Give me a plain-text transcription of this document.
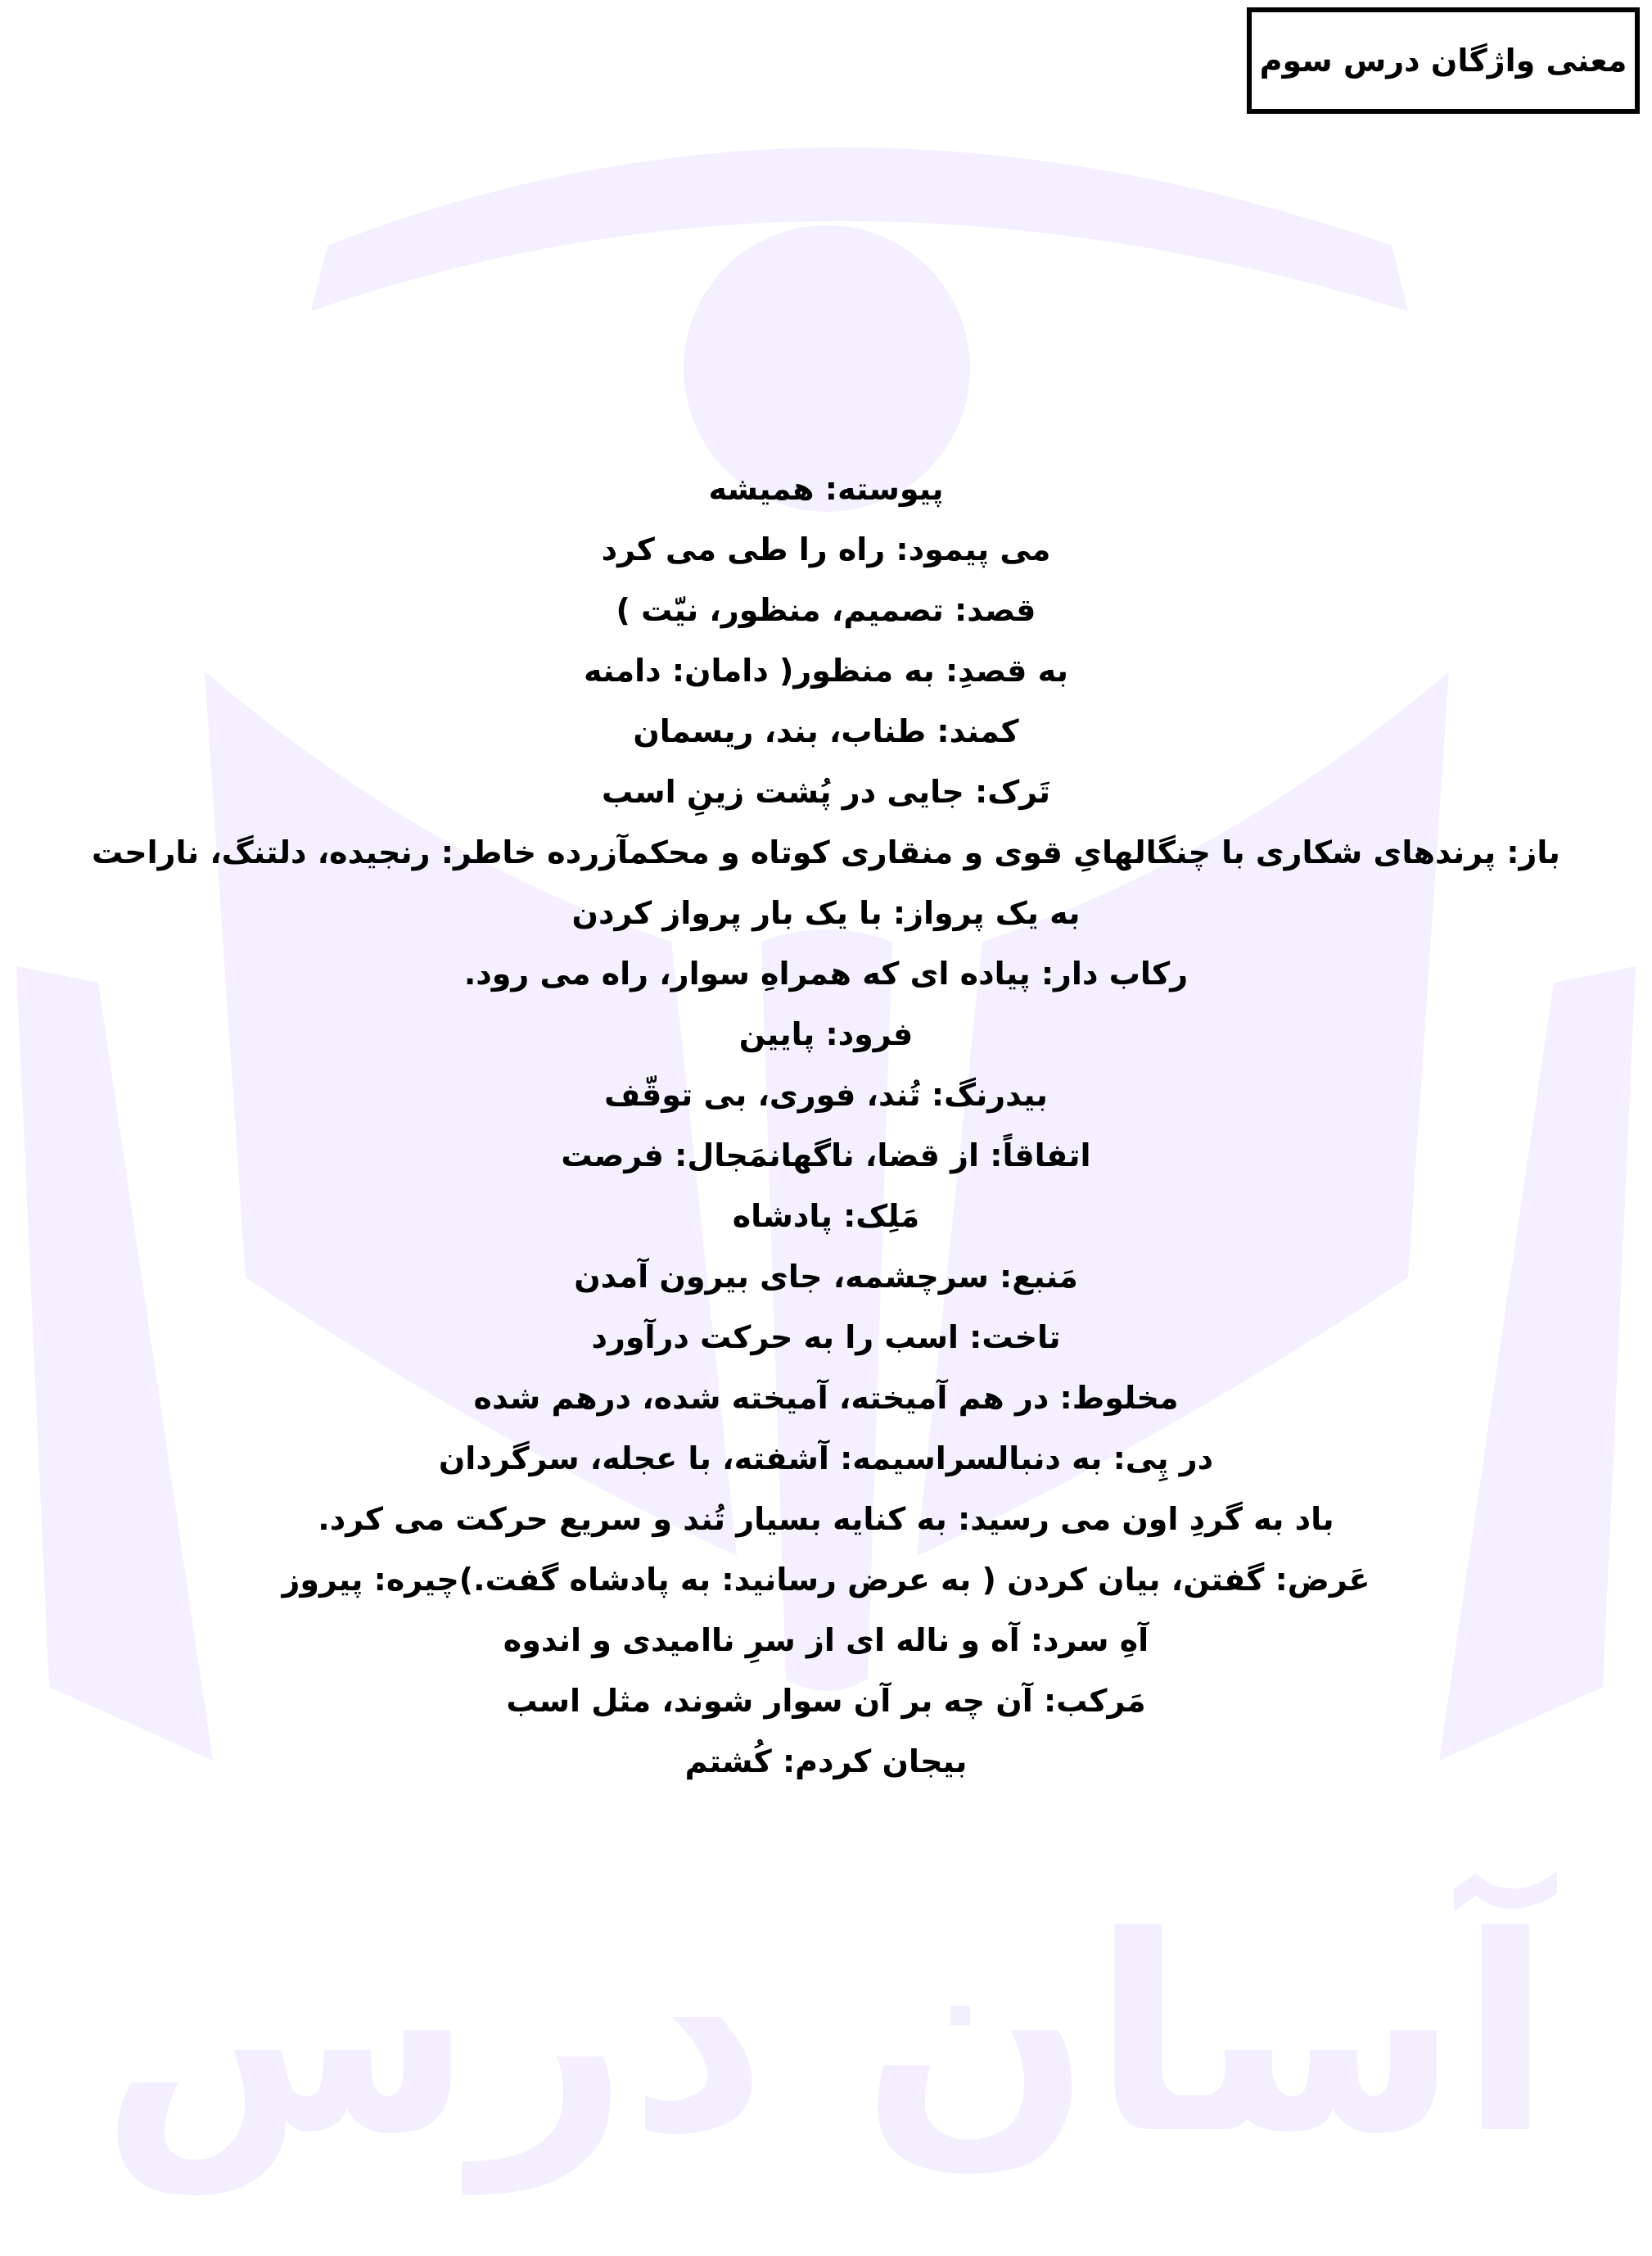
آسان درس
معنی واژگان درس سوم
پیوسته: همیشه
می پیمود: راه را طی می کرد
قصد: تصمیم، منظور، نیّت )
به قصدِ: به منظور( دامان: دامنه
کمند: طناب، بند، ریسمان
تَرک: جایی در پُشت زینِ اسب
باز: پرندهای شکاری با چنگالهایِ قوی و منقاری کوتاه و محکمآزرده خاطر: رنجیده، دلتنگ، ناراحت
به یک پرواز: با یک بار پرواز کردن
رکاب دار: پیاده ای که همراهِ سوار، راه می رود.
فرود: پایین
بیدرنگ: تُند، فوری، بی توقّف
اتفاقاً: از قضا، ناگهانمَجال: فرصت
مَلِک: پادشاه
مَنبع: سرچشمه، جای بیرون آمدن
تاخت: اسب را به حرکت درآورد
مخلوط: در هم آمیخته، آمیخته شده، درهم شده
در پِی: به دنبالسراسیمه: آشفته، با عجله، سرگردان
باد به گردِ اون می رسید: به کنایه بسیار تُند و سریع حرکت می کرد.
عَرض: گفتن، بیان کردن ( به عرض رسانید: به پادشاه گفت.)چیره: پیروز
آهِ سرد: آه و ناله ای از سرِ ناامیدی و اندوه
مَرکب: آن چه بر آن سوار شوند، مثل اسب
بیجان کردم: کُشتم
